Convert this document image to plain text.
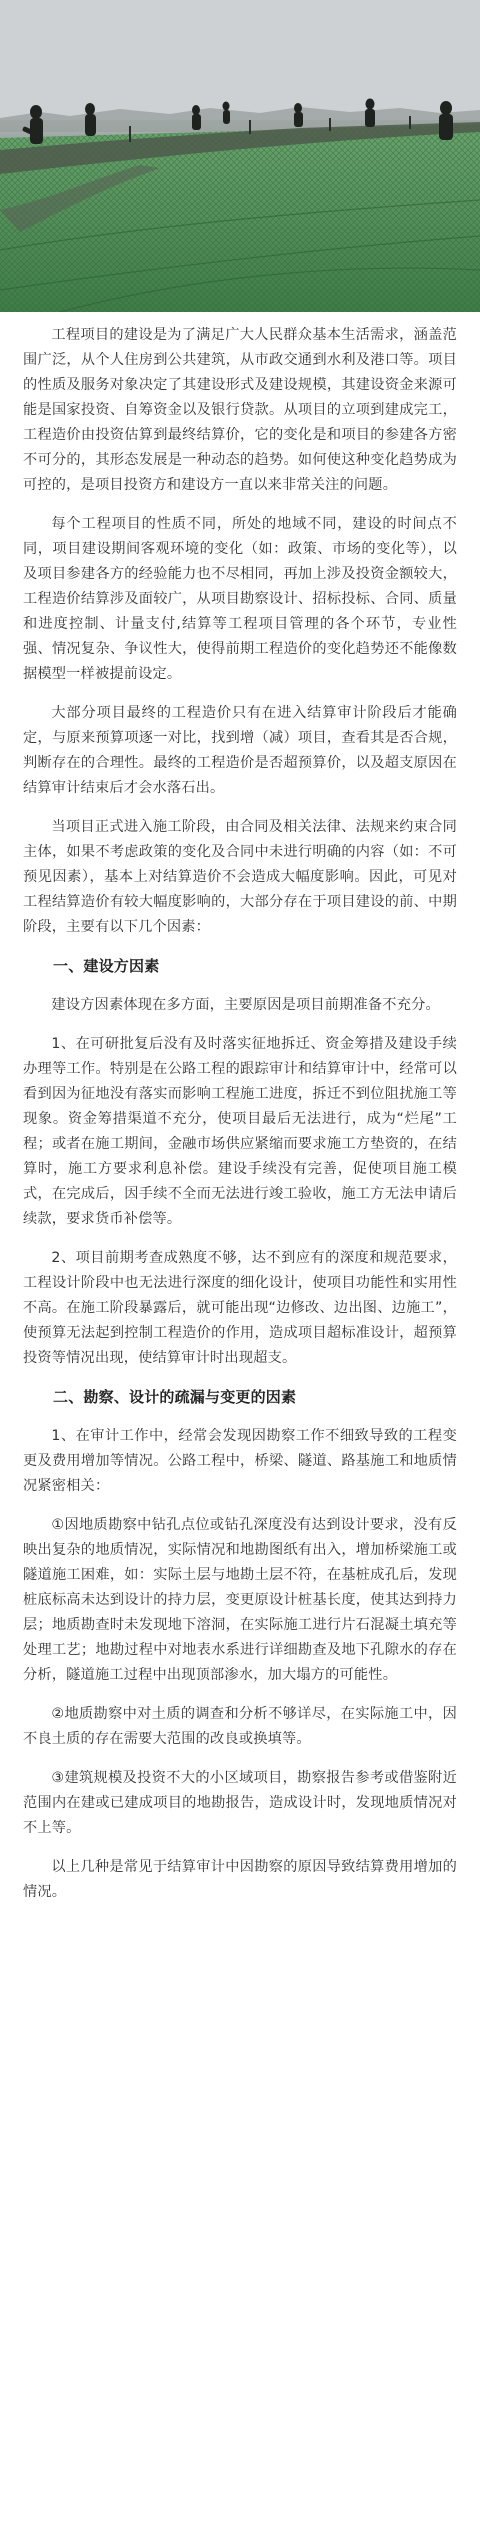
工程项目的建设是为了满足广大人民群众基本生活需求，涵盖范围广泛，从个人住房到公共建筑，从市政交通到水利及港口等。项目的性质及服务对象决定了其建设形式及建设规模，其建设资金来源可能是国家投资、自筹资金以及银行贷款。从项目的立项到建成完工，工程造价由投资估算到最终结算价，它的变化是和项目的参建各方密不可分的，其形态发展是一种动态的趋势。如何使这种变化趋势成为可控的，是项目投资方和建设方一直以来非常关注的问题。

每个工程项目的性质不同，所处的地域不同，建设的时间点不同，项目建设期间客观环境的变化（如：政策、市场的变化等），以及项目参建各方的经验能力也不尽相同，再加上涉及投资金额较大，工程造价结算涉及面较广，从项目勘察设计、招标投标、合同、质量和进度控制、计量支付,结算等工程项目管理的各个环节，专业性强、情况复杂、争议性大，使得前期工程造价的变化趋势还不能像数据模型一样被提前设定。

大部分项目最终的工程造价只有在进入结算审计阶段后才能确定，与原来预算项逐一对比，找到增（减）项目，查看其是否合规，判断存在的合理性。最终的工程造价是否超预算价，以及超支原因在结算审计结束后才会水落石出。

当项目正式进入施工阶段，由合同及相关法律、法规来约束合同主体，如果不考虑政策的变化及合同中未进行明确的内容（如：不可预见因素），基本上对结算造价不会造成大幅度影响。因此，可见对工程结算造价有较大幅度影响的，大部分存在于项目建设的前、中期阶段，主要有以下几个因素：

一、建设方因素

建设方因素体现在多方面，主要原因是项目前期准备不充分。

1、在可研批复后没有及时落实征地拆迁、资金筹措及建设手续办理等工作。特别是在公路工程的跟踪审计和结算审计中，经常可以看到因为征地没有落实而影响工程施工进度，拆迁不到位阻扰施工等现象。资金筹措渠道不充分，使项目最后无法进行，成为“烂尾”工程；或者在施工期间，金融市场供应紧缩而要求施工方垫资的，在结算时，施工方要求利息补偿。建设手续没有完善，促使项目施工模式，在完成后，因手续不全而无法进行竣工验收，施工方无法申请后续款，要求货币补偿等。

2、项目前期考查成熟度不够，达不到应有的深度和规范要求，工程设计阶段中也无法进行深度的细化设计，使项目功能性和实用性不高。在施工阶段暴露后，就可能出现“边修改、边出图、边施工”，使预算无法起到控制工程造价的作用，造成项目超标准设计，超预算投资等情况出现，使结算审计时出现超支。

二、勘察、设计的疏漏与变更的因素

1、在审计工作中，经常会发现因勘察工作不细致导致的工程变更及费用增加等情况。公路工程中，桥梁、隧道、路基施工和地质情况紧密相关：

①因地质勘察中钻孔点位或钻孔深度没有达到设计要求，没有反映出复杂的地质情况，实际情况和地勘图纸有出入，增加桥梁施工或隧道施工困难，如：实际土层与地勘土层不符，在基桩成孔后，发现桩底标高未达到设计的持力层，变更原设计桩基长度，使其达到持力层；地质勘查时未发现地下溶洞，在实际施工进行片石混凝土填充等处理工艺；地勘过程中对地表水系进行详细勘查及地下孔隙水的存在分析，隧道施工过程中出现顶部渗水，加大塌方的可能性。

②地质勘察中对土质的调查和分析不够详尽，在实际施工中，因不良土质的存在需要大范围的改良或换填等。

③建筑规模及投资不大的小区域项目，勘察报告参考或借鉴附近范围内在建或已建成项目的地勘报告，造成设计时，发现地质情况对不上等。

以上几种是常见于结算审计中因勘察的原因导致结算费用增加的情况。
